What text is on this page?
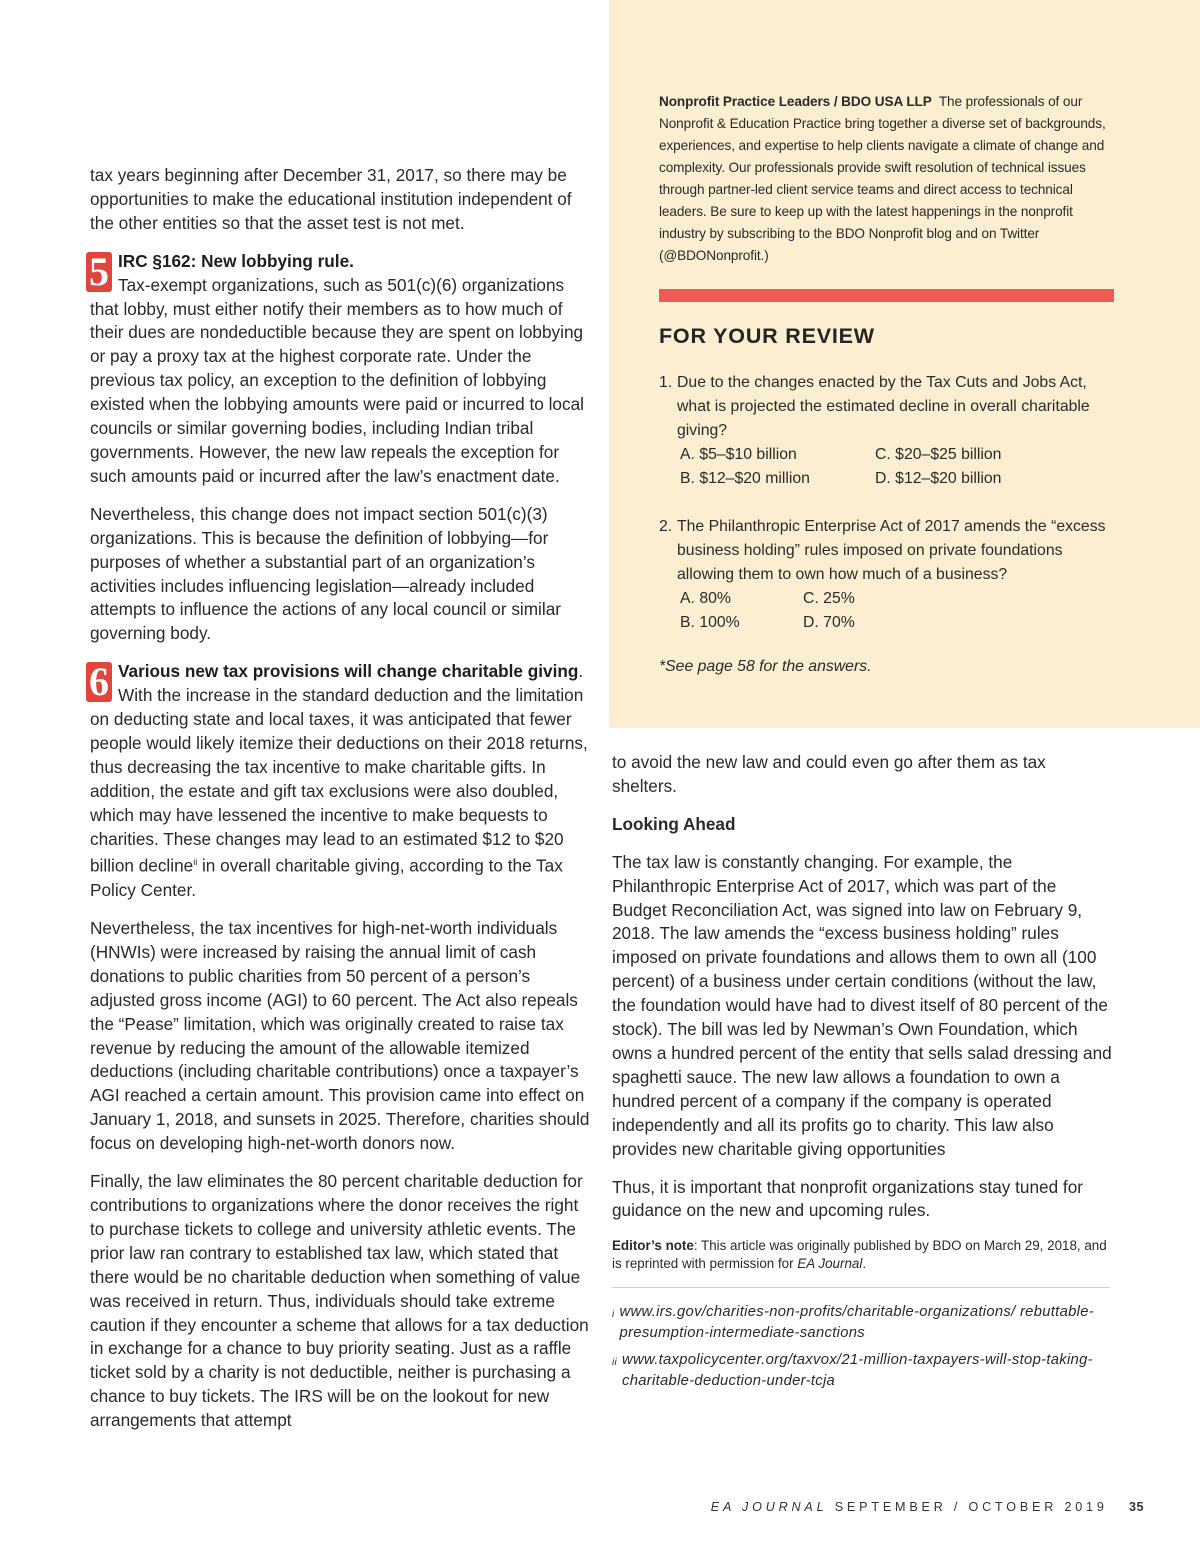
tax years beginning after December 31, 2017, so there may be opportunities to make the educational institution independent of the other entities so that the asset test is not met.

5 IRC §162: New lobbying rule.
Tax-exempt organizations, such as 501(c)(6) organizations that lobby, must either notify their members as to how much of their dues are nondeductible because they are spent on lobbying or pay a proxy tax at the highest corporate rate. Under the previous tax policy, an exception to the definition of lobbying existed when the lobbying amounts were paid or incurred to local councils or similar governing bodies, including Indian tribal governments. However, the new law repeals the exception for such amounts paid or incurred after the law’s enactment date.

Nevertheless, this change does not impact section 501(c)(3) organizations. This is because the definition of lobbying—for purposes of whether a substantial part of an organization’s activities includes influencing legislation—already included attempts to influence the actions of any local council or similar governing body.

6 Various new tax provisions will change charitable giving.
With the increase in the standard deduction and the limitation on deducting state and local taxes, it was anticipated that fewer people would likely itemize their deductions on their 2018 returns, thus decreasing the tax incentive to make charitable gifts. In addition, the estate and gift tax exclusions were also doubled, which may have lessened the incentive to make bequests to charities. These changes may lead to an estimated $12 to $20 billion decline$^{ii}$ in overall charitable giving, according to the Tax Policy Center.

Nevertheless, the tax incentives for high-net-worth individuals (HNWIs) were increased by raising the annual limit of cash donations to public charities from 50 percent of a person’s adjusted gross income (AGI) to 60 percent. The Act also repeals the “Pease” limitation, which was originally created to raise tax revenue by reducing the amount of the allowable itemized deductions (including charitable contributions) once a taxpayer’s AGI reached a certain amount. This provision came into effect on January 1, 2018, and sunsets in 2025. Therefore, charities should focus on developing high-net-worth donors now.

Finally, the law eliminates the 80 percent charitable deduction for contributions to organizations where the donor receives the right to purchase tickets to college and university athletic events. The prior law ran contrary to established tax law, which stated that there would be no charitable deduction when something of value was received in return. Thus, individuals should take extreme caution if they encounter a scheme that allows for a tax deduction in exchange for a chance to buy priority seating. Just as a raffle ticket sold by a charity is not deductible, neither is purchasing a chance to buy tickets. The IRS will be on the lookout for new arrangements that attempt

Nonprofit Practice Leaders / BDO USA LLP The professionals of our Nonprofit & Education Practice bring together a diverse set of backgrounds, experiences, and expertise to help clients navigate a climate of change and complexity. Our professionals provide swift resolution of technical issues through partner-led client service teams and direct access to technical leaders. Be sure to keep up with the latest happenings in the nonprofit industry by subscribing to the BDO Nonprofit blog and on Twitter (@BDONonprofit.)
FOR YOUR REVIEW
1. Due to the changes enacted by the Tax Cuts and Jobs Act, what is projected the estimated decline in overall charitable giving?
A. $5–$10 billion	C. $20–$25 billion
B. $12–$20 million	D. $12–$20 billion
2. The Philanthropic Enterprise Act of 2017 amends the “excess business holding” rules imposed on private foundations allowing them to own how much of a business?
A. 80%	C. 25%
B. 100%	D. 70%
*See page 58 for the answers.

to avoid the new law and could even go after them as tax shelters.

Looking Ahead

The tax law is constantly changing. For example, the Philanthropic Enterprise Act of 2017, which was part of the Budget Reconciliation Act, was signed into law on February 9, 2018. The law amends the “excess business holding” rules imposed on private foundations and allows them to own all (100 percent) of a business under certain conditions (without the law, the foundation would have had to divest itself of 80 percent of the stock). The bill was led by Newman’s Own Foundation, which owns a hundred percent of the entity that sells salad dressing and spaghetti sauce. The new law allows a foundation to own a hundred percent of a company if the company is operated independently and all its profits go to charity. This law also provides new charitable giving opportunities

Thus, it is important that nonprofit organizations stay tuned for guidance on the new and upcoming rules.

Editor’s note: This article was originally published by BDO on March 29, 2018, and is reprinted with permission for EA Journal.

$^i$ www.irs.gov/charities-non-profits/charitable-organizations/ rebuttable-presumption-intermediate-sanctions
$^{ii}$ www.taxpolicycenter.org/taxvox/21-million-taxpayers-will-stop-taking-charitable-deduction-under-tcja
EA JOURNAL SEPTEMBER / OCTOBER 2019 35
